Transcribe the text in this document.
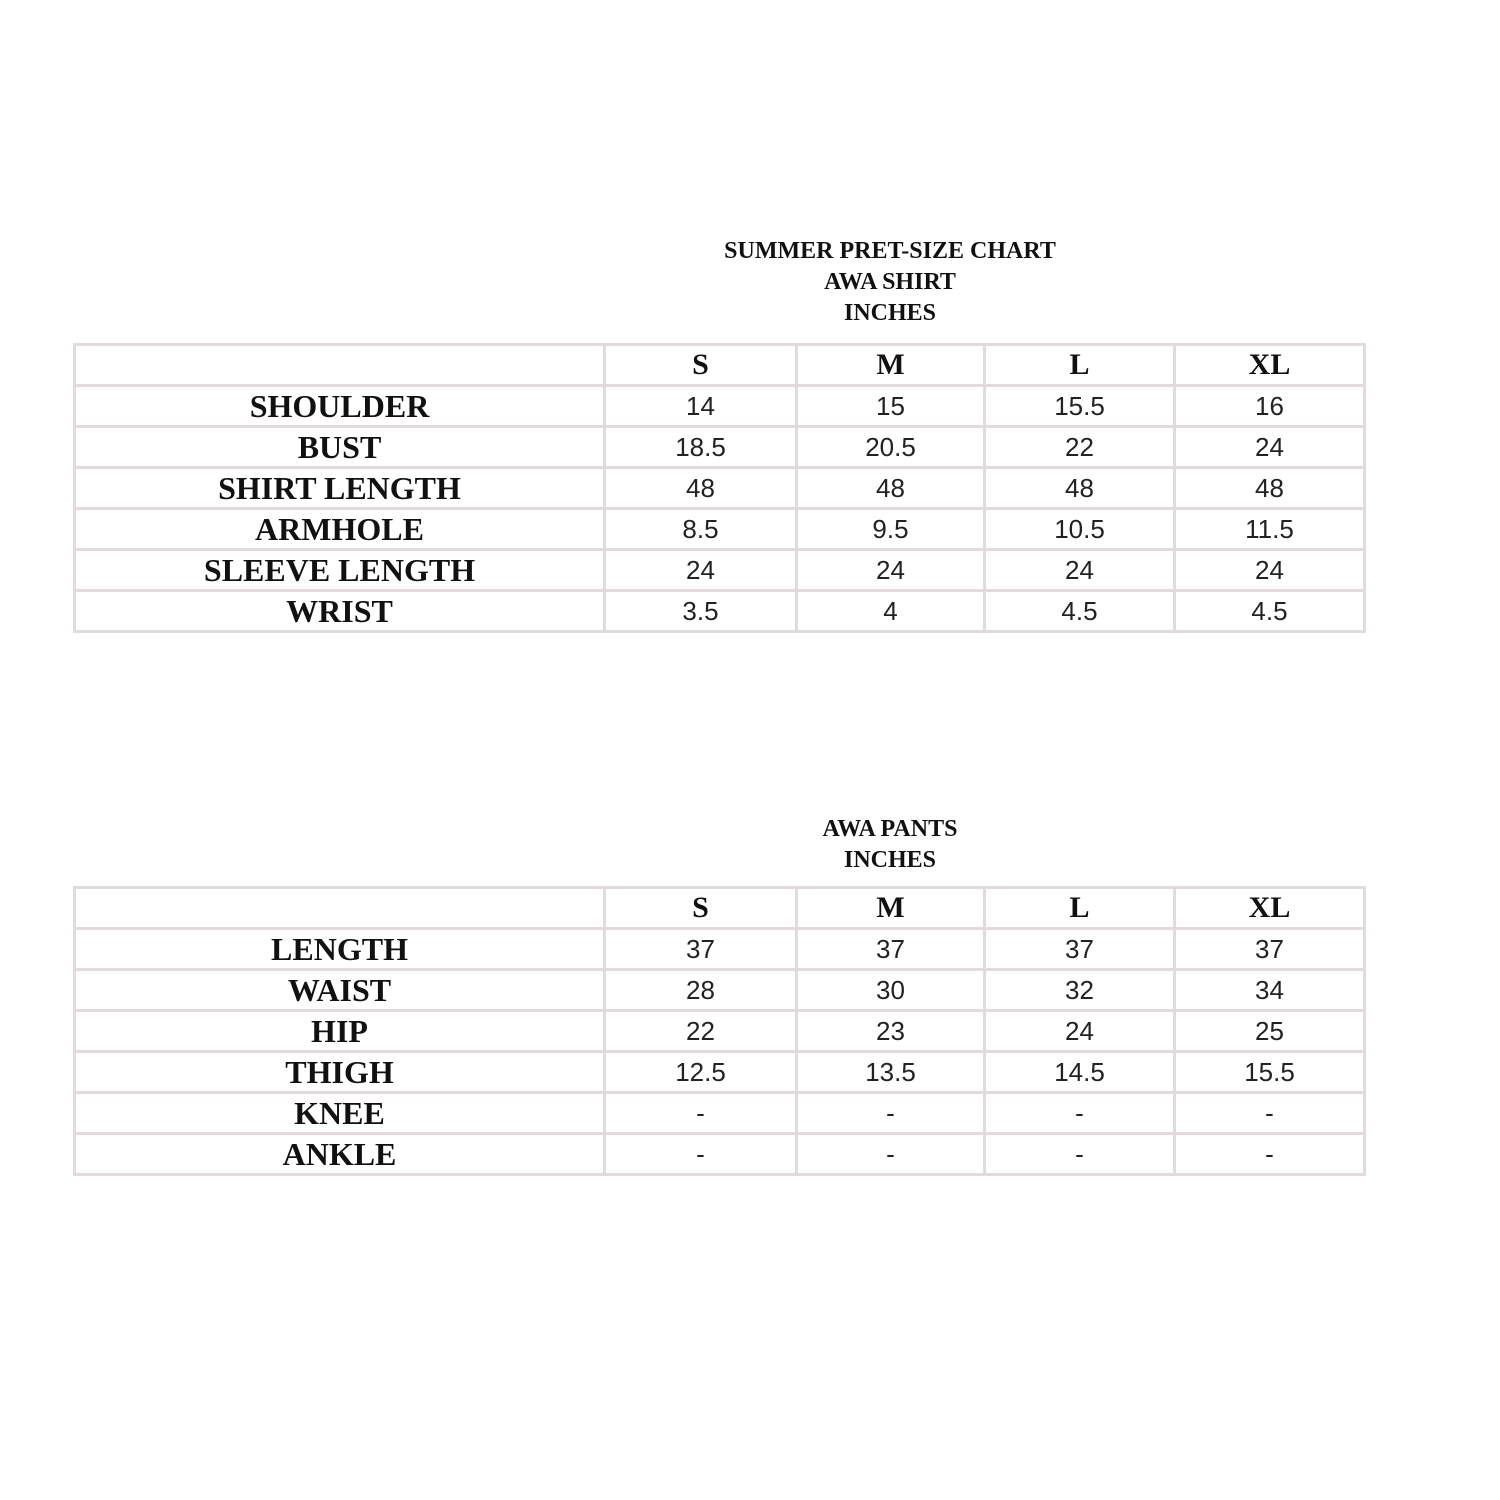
SUMMER PRET-SIZE CHART
AWA SHIRT
INCHES
	S	M	L	XL
SHOULDER	14	15	15.5	16
BUST	18.5	20.5	22	24
SHIRT LENGTH	48	48	48	48
ARMHOLE	8.5	9.5	10.5	11.5
SLEEVE LENGTH	24	24	24	24
WRIST	3.5	4	4.5	4.5
AWA PANTS
INCHES
	S	M	L	XL
LENGTH	37	37	37	37
WAIST	28	30	32	34
HIP	22	23	24	25
THIGH	12.5	13.5	14.5	15.5
KNEE	-	-	-	-
ANKLE	-	-	-	-
